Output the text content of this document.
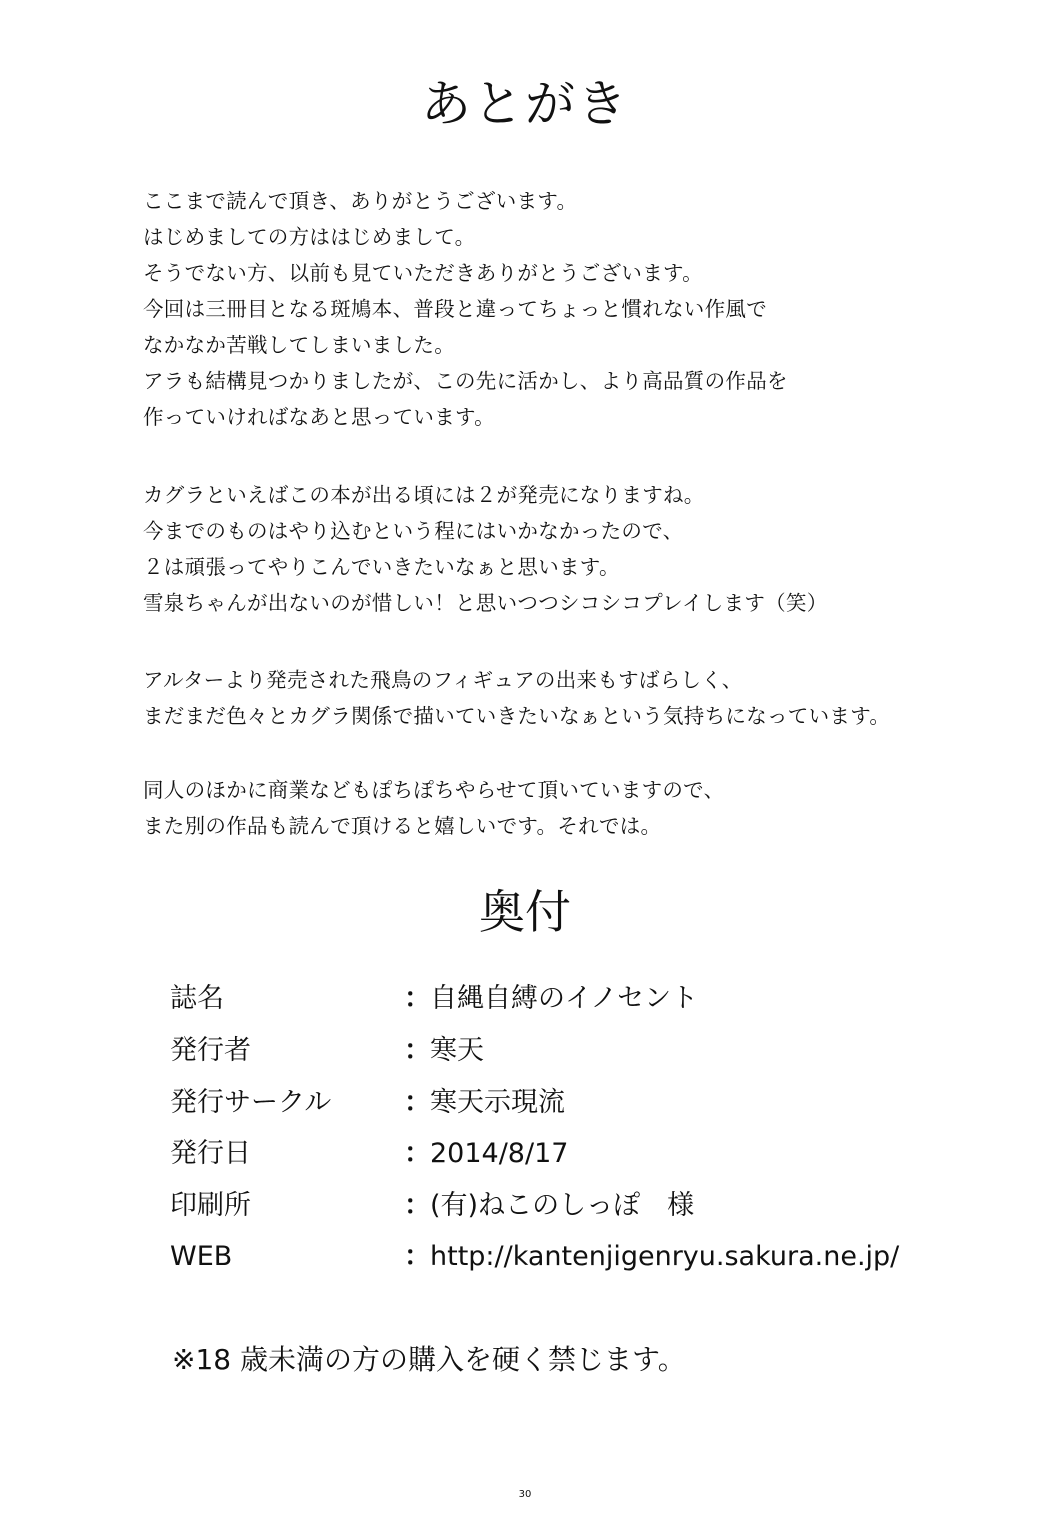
あとがき
ここまで読んで頂き、ありがとうございます。
はじめましての方ははじめまして。
そうでない方、以前も見ていただきありがとうございます。
今回は三冊目となる斑鳩本、普段と違ってちょっと慣れない作風で
なかなか苦戦してしまいました。
アラも結構見つかりましたが、この先に活かし、より高品質の作品を
作っていければなあと思っています。
カグラといえばこの本が出る頃には２が発売になりますね。
今までのものはやり込むという程にはいかなかったので、
２は頑張ってやりこんでいきたいなぁと思います。
雪泉ちゃんが出ないのが惜しい！と思いつつシコシコプレイします（笑）
アルターより発売された飛鳥のフィギュアの出来もすばらしく、
まだまだ色々とカグラ関係で描いていきたいなぁという気持ちになっています。
同人のほかに商業などもぽちぽちやらせて頂いていますので、
また別の作品も読んで頂けると嬉しいです。それでは。
奥付
誌名	： 自縄自縛のイノセント
発行者	： 寒天
発行サークル	： 寒天示現流
発行日	： 2014/8/17
印刷所	： (有)ねこのしっぽ　様
WEB	： http://kantenjigenryu.sakura.ne.jp/
※18 歳未満の方の購入を硬く禁じます。
30
